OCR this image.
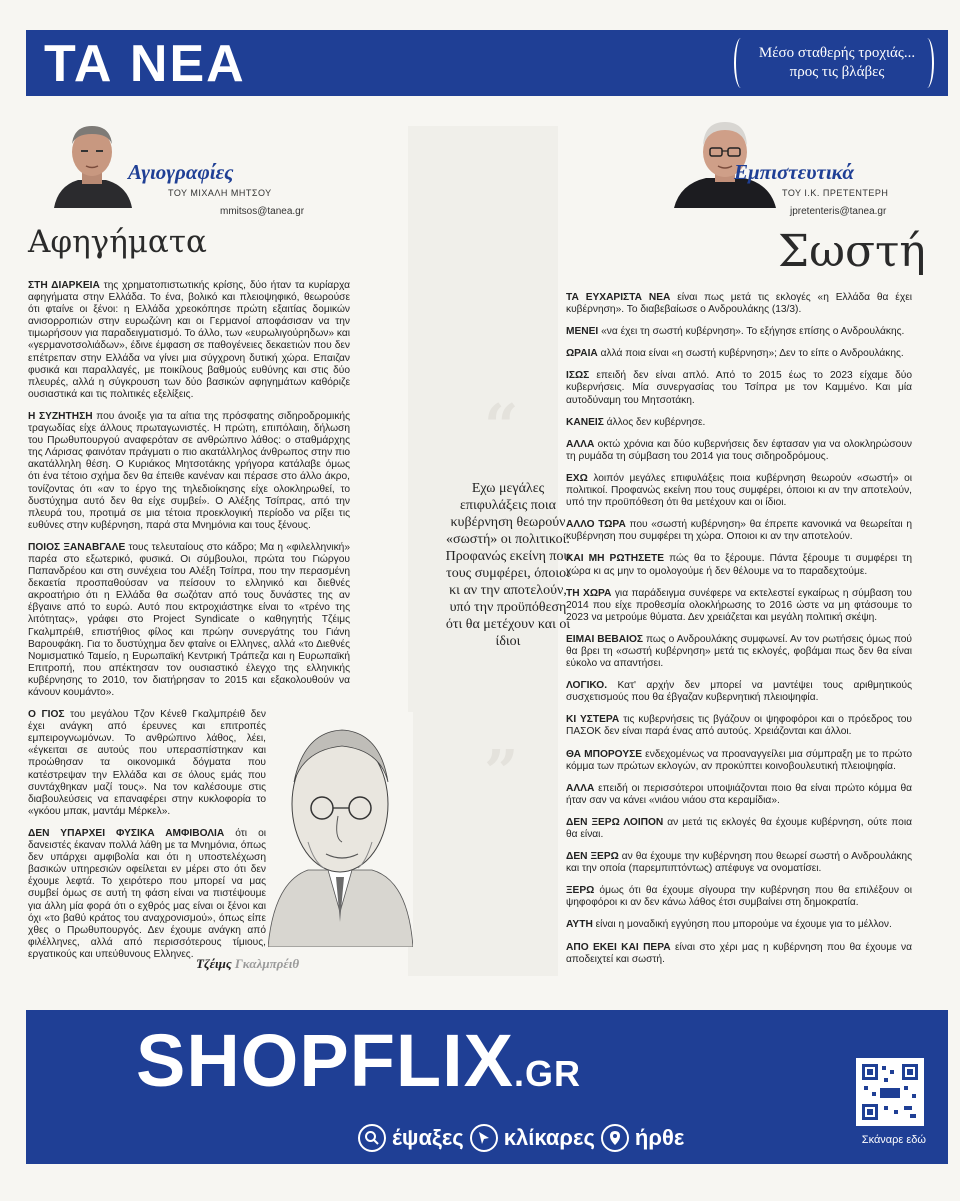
ΤΑ ΝΕΑ	Μέσο σταθερής τροχιάς...
προς τις βλάβες
Αγιογραφίες
ΤΟΥ ΜΙΧΑΛΗ ΜΗΤΣΟΥ
mmitsos@tanea.gr
Εμπιστευτικά
ΤΟΥ Ι.Κ. ΠΡΕΤΕΝΤΕΡΗ
jpretenteris@tanea.gr
Αφηγήματα	Σωστή

ΣΤΗ ΔΙΑΡΚΕΙΑ της χρηματοπιστωτικής κρίσης, δύο ήταν τα κυρίαρχα αφηγήματα στην Ελλάδα. Το ένα, βολικό και πλειοψηφικό, θεωρούσε ότι φταίνε οι ξένοι: η Ελλάδα χρεοκόπησε πρώτη εξαιτίας δομικών ανισορροπιών στην ευρωζώνη και οι Γερμανοί αποφάσισαν να την τιμωρήσουν για παραδειγματισμό. Το άλλο, των «ευρωλιγούρηδων» και «γερμανοτσολιάδων», έδινε έμφαση σε παθογένειες δεκαετιών που δεν επέτρεπαν στην Ελλάδα να γίνει μια σύγχρονη δυτική χώρα. Επαιζαν φυσικά και παραλλαγές, με ποικίλους βαθμούς ευθύνης και στις δύο πλευρές, αλλά η σύγκρουση των δύο βασικών αφηγημάτων καθόριζε ουσιαστικά και τις πολιτικές εξελίξεις.

Η ΣΥΖΗΤΗΣΗ που άνοιξε για τα αίτια της πρόσφατης σιδηροδρομικής τραγωδίας είχε άλλους πρωταγωνιστές. Η πρώτη, επιπόλαιη, δήλωση του Πρωθυπουργού αναφερόταν σε ανθρώπινο λάθος: ο σταθμάρχης της Λάρισας φαινόταν πράγματι ο πιο ακατάλληλος άνθρωπος στην πιο ακατάλληλη θέση. Ο Κυριάκος Μητσοτάκης γρήγορα κατάλαβε όμως ότι ένα τέτοιο σχήμα δεν θα έπειθε κανέναν και πέρασε στο άλλο άκρο, τονίζοντας ότι «αν το έργο της τηλεδιοίκησης είχε ολοκληρωθεί, το δυστύχημα αυτό δεν θα είχε συμβεί». Ο Αλέξης Τσίπρας, από την πλευρά του, προτιμά σε μια τέτοια προεκλογική περίοδο να ρίξει τις ευθύνες στην κυβέρνηση, παρά στα Μνημόνια και τους ξένους.

ΠΟΙΟΣ ΞΑΝΑΒΓΑΛΕ τους τελευταίους στο κάδρο; Μα η «φιλελληνική» παρέα στο εξωτερικό, φυσικά. Οι σύμβουλοι, πρώτα του Γιώργου Παπανδρέου και στη συνέχεια του Αλέξη Τσίπρα, που την περασμένη δεκαετία προσπαθούσαν να πείσουν το ελληνικό και διεθνές ακροατήριο ότι η Ελλάδα θα σωζόταν από τους δυνάστες της αν έβγαινε από το ευρώ. Αυτό που εκτροχιάστηκε είναι το «τρένο της λιτότητας», γράφει στο Project Syndicate ο καθηγητής Τζέιμς Γκαλμπρέιθ, επιστήθιος φίλος και πρώην συνεργάτης του Γιάνη Βαρουφάκη. Για το δυστύχημα δεν φταίνε οι Ελληνες, αλλά «το Διεθνές Νομισματικό Ταμείο, η Ευρωπαϊκή Κεντρική Τράπεζα και η Ευρωπαϊκή Επιτροπή, που απέκτησαν τον ουσιαστικό έλεγχο της ελληνικής κυβέρνησης το 2010, τον διατήρησαν το 2015 και εξακολουθούν να κάνουν κουμάντο».

Ο ΓΙΟΣ του μεγάλου Τζον Κένεθ Γκαλμπρέιθ δεν έχει ανάγκη από έρευνες και επιτροπές εμπειρογνωμόνων. Το ανθρώπινο λάθος, λέει, «έγκειται σε αυτούς που υπερασπίστηκαν και προώθησαν τα οικονομικά δόγματα που κατέστρεψαν την Ελλάδα και σε όλους εμάς που συντάχθηκαν μαζί τους». Να τον καλέσουμε στις διαβουλεύσεις να επαναφέρει στην κυκλοφορία το «γκόου μπακ, μαντάμ Μέρκελ».

ΔΕΝ ΥΠΑΡΧΕΙ ΦΥΣΙΚΑ ΑΜΦΙΒΟΛΙΑ ότι οι δανειστές έκαναν πολλά λάθη με τα Μνημόνια, όπως δεν υπάρχει αμφιβολία και ότι η υποστελέχωση βασικών υπηρεσιών οφείλεται εν μέρει στο ότι δεν έχουμε λεφτά. Το χειρότερο που μπορεί να μας συμβεί όμως σε αυτή τη φάση είναι να πιστέψουμε για άλλη μία φορά ότι ο εχθρός μας είναι οι ξένοι και όχι «το βαθύ κράτος του αναχρονισμού», όπως είπε χθες ο Πρωθυπουργός. Δεν έχουμε ανάγκη από φιλέλληνες, αλλά από περισσότερους τίμιους, εργατικούς και υπεύθυνους Ελληνες.

“
”
Εχω μεγάλες επιφυλάξεις ποια κυβέρνηση θεωρούν «σωστή» οι πολιτικοί. Προφανώς εκείνη που τους συμφέρει, όποιοι κι αν την αποτελούν, υπό την προϋπόθεση ότι θα μετέχουν και οι ίδιοι
Τζέιμς Γκαλμπρέιθ

ΤΑ ΕΥΧΑΡΙΣΤΑ ΝΕΑ είναι πως μετά τις εκλογές «η Ελλάδα θα έχει κυβέρνηση». Το διαβεβαίωσε ο Ανδρουλάκης (13/3).

ΜΕΝΕΙ «να έχει τη σωστή κυβέρνηση». Το εξήγησε επίσης ο Ανδρουλάκης.

ΩΡΑΙΑ αλλά ποια είναι «η σωστή κυβέρνηση»; Δεν το είπε ο Ανδρουλάκης.

ΙΣΩΣ επειδή δεν είναι απλό. Από το 2015 έως το 2023 είχαμε δύο κυβερνήσεις. Μία συνεργασίας του Τσίπρα με τον Καμμένο. Και μία αυτοδύναμη του Μητσοτάκη.

ΚΑΝΕΙΣ άλλος δεν κυβέρνησε.

ΑΛΛΑ οκτώ χρόνια και δύο κυβερνήσεις δεν έφτασαν για να ολοκληρώσουν τη ρυμάδα τη σύμβαση του 2014 για τους σιδηροδρόμους.

ΕΧΩ λοιπόν μεγάλες επιφυλάξεις ποια κυβέρνηση θεωρούν «σωστή» οι πολιτικοί. Προφανώς εκείνη που τους συμφέρει, όποιοι κι αν την αποτελούν, υπό την προϋπόθεση ότι θα μετέχουν και οι ίδιοι.

ΑΛΛΟ ΤΩΡΑ που «σωστή κυβέρνηση» θα έπρεπε κανονικά να θεωρείται η κυβέρνηση που συμφέρει τη χώρα. Οποιοι κι αν την αποτελούν.

ΚΑΙ ΜΗ ΡΩΤΗΣΕΤΕ πώς θα το ξέρουμε. Πάντα ξέρουμε τι συμφέρει τη χώρα κι ας μην το ομολογούμε ή δεν θέλουμε να το παραδεχτούμε.

ΤΗ ΧΩΡΑ για παράδειγμα συνέφερε να εκτελεστεί εγκαίρως η σύμβαση του 2014 που είχε προθεσμία ολοκλήρωσης το 2016 ώστε να μη φτάσουμε το 2023 να μετρούμε θύματα. Δεν χρειάζεται και μεγάλη πολιτική σκέψη.

ΕΙΜΑΙ ΒΕΒΑΙΟΣ πως ο Ανδρουλάκης συμφωνεί. Αν τον ρωτήσεις όμως πού θα βρει τη «σωστή κυβέρνηση» μετά τις εκλογές, φοβάμαι πως δεν θα είναι εύκολο να απαντήσει.

ΛΟΓΙΚΟ. Κατ' αρχήν δεν μπορεί να μαντέψει τους αριθμητικούς συσχετισμούς που θα έβγαζαν κυβερνητική πλειοψηφία.

ΚΙ ΥΣΤΕΡΑ τις κυβερνήσεις τις βγάζουν οι ψηφοφόροι και ο πρόεδρος του ΠΑΣΟΚ δεν είναι παρά ένας από αυτούς. Χρειάζονται και άλλοι.

ΘΑ ΜΠΟΡΟΥΣΕ ενδεχομένως να προαναγγείλει μια σύμπραξη με το πρώτο κόμμα των πρώτων εκλογών, αν προκύπτει κοινοβουλευτική πλειοψηφία.

ΑΛΛΑ επειδή οι περισσότεροι υποψιάζονται ποιο θα είναι πρώτο κόμμα θα ήταν σαν να κάνει «νιάου νιάου στα κεραμίδια».

ΔΕΝ ΞΕΡΩ ΛΟΙΠΟΝ αν μετά τις εκλογές θα έχουμε κυβέρνηση, ούτε ποια θα είναι.

ΔΕΝ ΞΕΡΩ αν θα έχουμε την κυβέρνηση που θεωρεί σωστή ο Ανδρουλάκης και την οποία (παρεμπιπτόντως) απέφυγε να ονοματίσει.

ΞΕΡΩ όμως ότι θα έχουμε σίγουρα την κυβέρνηση που θα επιλέξουν οι ψηφοφόροι κι αν δεν κάνω λάθος έτσι συμβαίνει στη δημοκρατία.

ΑΥΤΗ είναι η μοναδική εγγύηση που μπορούμε να έχουμε για το μέλλον.

ΑΠΟ ΕΚΕΙ ΚΑΙ ΠΕΡΑ είναι στο χέρι μας η κυβέρνηση που θα έχουμε να αποδειχτεί και σωστή.

SHOPFLIX.GR
έψαξες κλίκαρες ήρθε	Σκάναρε εδώ
